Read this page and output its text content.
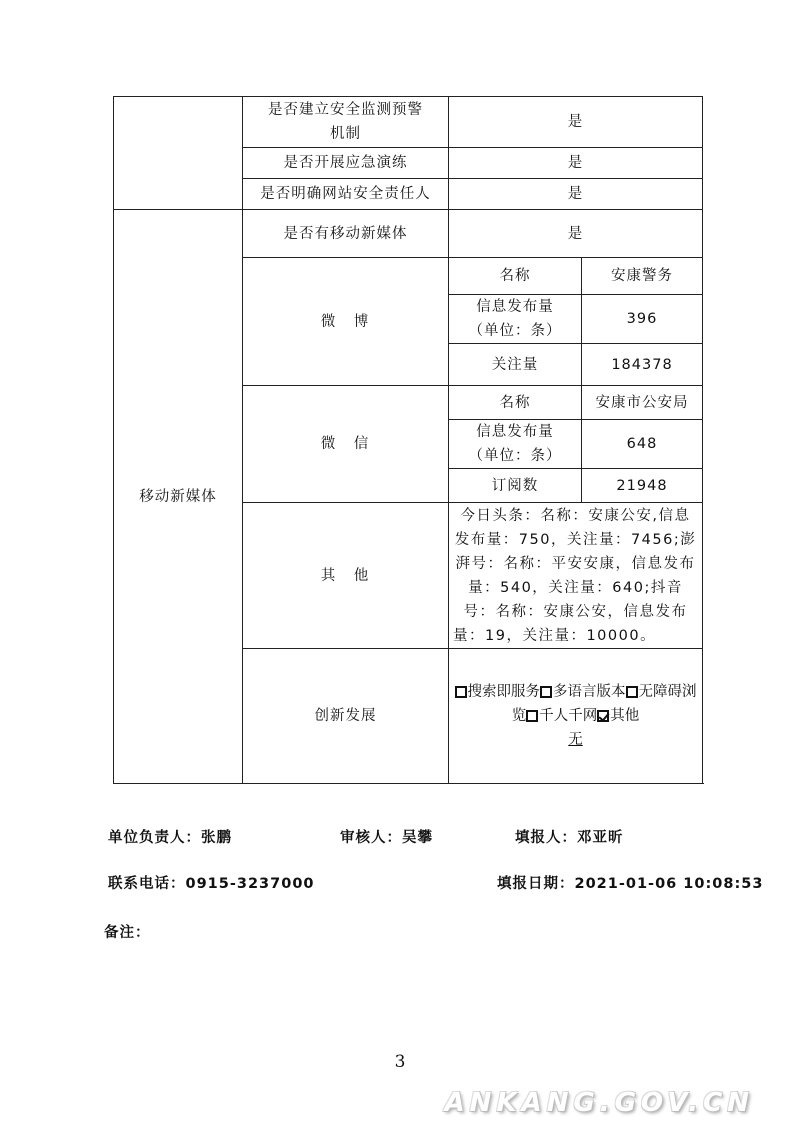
	是否建立安全监测预警机制	是	
	是否开展应急演练	是	
	是否明确网站安全责任人	是	
移动新媒体	是否有移动新媒体	是	
	微　博	名称	安康警务
		信息发布量（单位：条）	396
		关注量	184378
	微　信	名称	安康市公安局
		信息发布量（单位：条）	648
		订阅数	21948
	其　他	今日头条：名称：安康公安,信息发布量：750，关注量：7456;澎湃号：名称：平安安康，信息发布量：540，关注量：640;抖音号：名称：安康公安，信息发布量：19，关注量：10000。	
	创新发展	搜索即服务 多语言版本 无障碍浏览 千人千网 其他
无	
单位负责人：张鹏	审核人：吴攀	填报人：邓亚昕
联系电话：0915-3237000	填报日期：2021-01-06 10:08:53
备注：
3
ANKANG.GOV.CN
